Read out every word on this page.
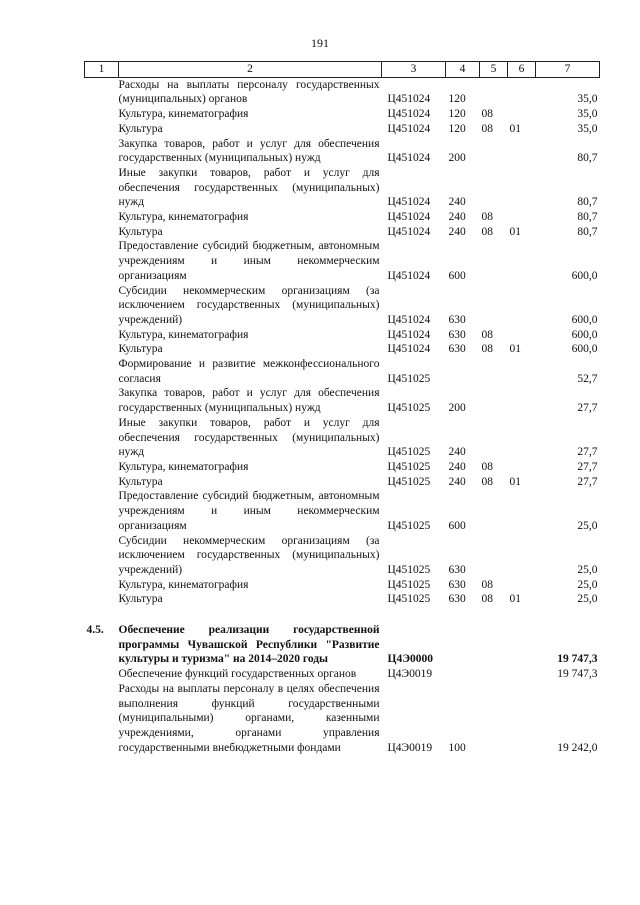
191
1	2	3	4	5	6	7
	Расходы на выплаты персоналу государственных (муниципальных) органов	Ц451024	120			35,0
	Культура, кинематография	Ц451024	120	08		35,0
	Культура	Ц451024	120	08	01	35,0
	Закупка товаров, работ и услуг для обеспечения государственных (муниципальных) нужд	Ц451024	200			80,7
	Иные закупки товаров, работ и услуг для обеспечения государственных (муниципальных) нужд	Ц451024	240			80,7
	Культура, кинематография	Ц451024	240	08		80,7
	Культура	Ц451024	240	08	01	80,7
	Предоставление субсидий бюджетным, автономным учреждениям и иным некоммерческим организациям	Ц451024	600			600,0
	Субсидии некоммерческим организациям (за исключением государственных (муниципальных) учреждений)	Ц451024	630			600,0
	Культура, кинематография	Ц451024	630	08		600,0
	Культура	Ц451024	630	08	01	600,0
	Формирование и развитие межконфессионального согласия	Ц451025				52,7
	Закупка товаров, работ и услуг для обеспечения государственных (муниципальных) нужд	Ц451025	200			27,7
	Иные закупки товаров, работ и услуг для обеспечения государственных (муниципальных) нужд	Ц451025	240			27,7
	Культура, кинематография	Ц451025	240	08		27,7
	Культура	Ц451025	240	08	01	27,7
	Предоставление субсидий бюджетным, автономным учреждениям и иным некоммерческим организациям	Ц451025	600			25,0
	Субсидии некоммерческим организациям (за исключением государственных (муниципальных) учреждений)	Ц451025	630			25,0
	Культура, кинематография	Ц451025	630	08		25,0
	Культура	Ц451025	630	08	01	25,0

4.5.	Обеспечение реализации государственной программы Чувашской Республики "Развитие культуры и туризма" на 2014–2020 годы	Ц4Э0000				19 747,3
	Обеспечение функций государственных органов	Ц4Э0019				19 747,3
	Расходы на выплаты персоналу в целях обеспечения выполнения функций государственными (муниципальными) органами, казенными учреждениями, органами управления государственными внебюджетными фондами	Ц4Э0019	100			19 242,0
